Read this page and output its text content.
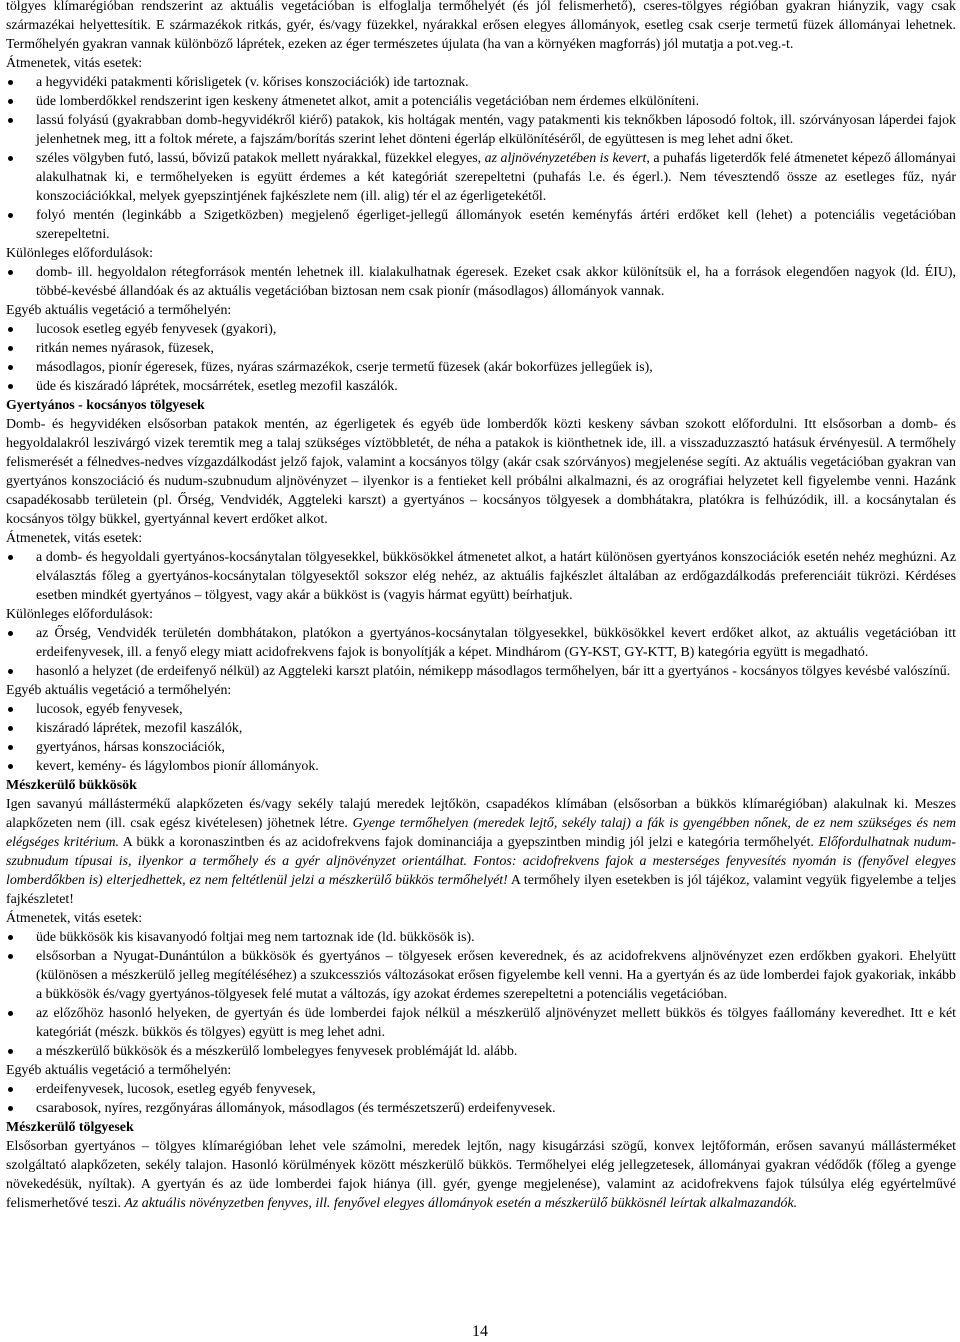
tölgyes klímarégióban rendszerint az aktuális vegetációban is elfoglalja termőhelyét (és jól felismerhető), cseres-tölgyes régióban gyakran hiányzik, vagy csak származékai helyettesítik. E származékok ritkás, gyér, és/vagy füzekkel, nyárakkal erősen elegyes állományok, esetleg csak cserje termetű füzek állományai lehetnek. Termőhelyén gyakran vannak különböző láprétek, ezeken az éger természetes újulata (ha van a környéken magforrás) jól mutatja a pot.veg.-t.

Átmenetek, vitás esetek:

a hegyvidéki patakmenti kőrisligetek (v. kőrises konszociációk) ide tartoznak.
üde lomberdőkkel rendszerint igen keskeny átmenetet alkot, amit a potenciális vegetációban nem érdemes elkülöníteni.
lassú folyású (gyakrabban domb-hegyvidékről kiérő) patakok, kis holtágak mentén, vagy patakmenti kis teknőkben láposodó foltok, ill. szórványosan láperdei fajok jelenhetnek meg, itt a foltok mérete, a fajszám/borítás szerint lehet dönteni égerláp elkülönítéséről, de együttesen is meg lehet adni őket.
széles völgyben futó, lassú, bővizű patakok mellett nyárakkal, füzekkel elegyes, az aljnövényzetében is kevert, a puhafás ligeterdők felé átmenetet képező állományai alakulhatnak ki, e termőhelyeken is együtt érdemes a két kategóriát szerepeltetni (puhafás l.e. és égerl.). Nem tévesztendő össze az esetleges fűz, nyár konszociációkkal, melyek gyepszintjének fajkészlete nem (ill. alig) tér el az égerligetekétől.
folyó mentén (leginkább a Szigetközben) megjelenő égerliget-jellegű állományok esetén keményfás ártéri erdőket kell (lehet) a potenciális vegetációban szerepeltetni.

Különleges előfordulások:

domb- ill. hegyoldalon rétegforrások mentén lehetnek ill. kialakulhatnak égeresek. Ezeket csak akkor különítsük el, ha a források elegendően nagyok (ld. ÉIU), többé-kevésbé állandóak és az aktuális vegetációban biztosan nem csak pionír (másodlagos) állományok vannak.

Egyéb aktuális vegetáció a termőhelyén:

lucosok esetleg egyéb fenyvesek (gyakori),
ritkán nemes nyárasok, füzesek,
másodlagos, pionír égeresek, füzes, nyáras származékok, cserje termetű füzesek (akár bokorfüzes jellegűek is),
üde és kiszáradó láprétek, mocsárrétek, esetleg mezofil kaszálók.

Gyertyános - kocsányos tölgyesek

Domb- és hegyvidéken elsősorban patakok mentén, az égerligetek és egyéb üde lomberdők közti keskeny sávban szokott előfordulni. Itt elsősorban a domb- és hegyoldalakról leszivárgó vizek teremtik meg a talaj szükséges víztöbbletét, de néha a patakok is kiönthetnek ide, ill. a visszaduzzasztó hatásuk érvényesül. A termőhely felismerését a félnedves-nedves vízgazdálkodást jelző fajok, valamint a kocsányos tölgy (akár csak szórványos) megjelenése segíti. Az aktuális vegetációban gyakran van gyertyános konszociáció és nudum-szubnudum aljnövényzet – ilyenkor is a fentieket kell próbálni alkalmazni, és az orográfiai helyzetet kell figyelembe venni. Hazánk csapadékosabb területein (pl. Őrség, Vendvidék, Aggteleki karszt) a gyertyános – kocsányos tölgyesek a dombhátakra, platókra is felhúzódik, ill. a kocsánytalan és kocsányos tölgy bükkel, gyertyánnal kevert erdőket alkot.

Átmenetek, vitás esetek:

a domb- és hegyoldali gyertyános-kocsánytalan tölgyesekkel, bükkösökkel átmenetet alkot, a határt különösen gyertyános konszociációk esetén nehéz meghúzni. Az elválasztás főleg a gyertyános-kocsánytalan tölgyesektől sokszor elég nehéz, az aktuális fajkészlet általában az erdőgazdálkodás preferenciáit tükrözi. Kérdéses esetben mindkét gyertyános – tölgyest, vagy akár a bükköst is (vagyis hármat együtt) beírhatjuk.

Különleges előfordulások:

az Őrség, Vendvidék területén dombhátakon, platókon a gyertyános-kocsánytalan tölgyesekkel, bükkösökkel kevert erdőket alkot, az aktuális vegetációban itt erdeifenyvesek, ill. a fenyő elegy miatt acidofrekvens fajok is bonyolítják a képet. Mindhárom (GY-KST, GY-KTT, B) kategória együtt is megadható.
hasonló a helyzet (de erdeifenyő nélkül) az Aggteleki karszt platóin, némikepp másodlagos termőhelyen, bár itt a gyertyános - kocsányos tölgyes kevésbé valószínű.

Egyéb aktuális vegetáció a termőhelyén:

lucosok, egyéb fenyvesek,
kiszáradó láprétek, mezofil kaszálók,
gyertyános, hársas konszociációk,
kevert, kemény- és lágylombos pionír állományok.

Mészkerülő bükkösök

Igen savanyú mállástermékű alapkőzeten és/vagy sekély talajú meredek lejtőkön, csapadékos klímában (elsősorban a bükkös klímarégióban) alakulnak ki. Meszes alapkőzeten nem (ill. csak egész kivételesen) jöhetnek létre. Gyenge termőhelyen (meredek lejtő, sekély talaj) a fák is gyengébben nőnek, de ez nem szükséges és nem elégséges kritérium. A bükk a koronaszintben és az acidofrekvens fajok dominanciája a gyepszintben mindig jól jelzi e kategória termőhelyét. Előfordulhatnak nudum-szubnudum típusai is, ilyenkor a termőhely és a gyér aljnövényzet orientálhat. Fontos: acidofrekvens fajok a mesterséges fenyvesítés nyomán is (fenyővel elegyes lomberdőkben is) elterjedhettek, ez nem feltétlenül jelzi a mészkerülő bükkös termőhelyét! A termőhely ilyen esetekben is jól tájékoz, valamint vegyük figyelembe a teljes fajkészletet!

Átmenetek, vitás esetek:

üde bükkösök kis kisavanyodó foltjai meg nem tartoznak ide (ld. bükkösök is).
elsősorban a Nyugat-Dunántúlon a bükkösök és gyertyános – tölgyesek erősen keverednek, és az acidofrekvens aljnövényzet ezen erdőkben gyakori. Ehelyütt (különösen a mészkerülő jelleg megítéléséhez) a szukcessziós változásokat erősen figyelembe kell venni. Ha a gyertyán és az üde lomberdei fajok gyakoriak, inkább a bükkösök és/vagy gyertyános-tölgyesek felé mutat a változás, így azokat érdemes szerepeltetni a potenciális vegetációban.
az előzőhöz hasonló helyeken, de gyertyán és üde lomberdei fajok nélkül a mészkerülő aljnövényzet mellett bükkös és tölgyes faállomány keveredhet. Itt e két kategóriát (mészk. bükkös és tölgyes) együtt is meg lehet adni.
a mészkerülő bükkösök és a mészkerülő lombelegyes fenyvesek problémáját ld. alább.

Egyéb aktuális vegetáció a termőhelyén:

erdeifenyvesek, lucosok, esetleg egyéb fenyvesek,
csarabosok, nyíres, rezgőnyáras állományok, másodlagos (és természetszerű) erdeifenyvesek.

Mészkerülő tölgyesek

Elsősorban gyertyános – tölgyes klímarégióban lehet vele számolni, meredek lejtőn, nagy kisugárzási szögű, konvex lejtőformán, erősen savanyú mállásterméket szolgáltató alapkőzeten, sekély talajon. Hasonló körülmények között mészkerülő bükkös. Termőhelyei elég jellegzetesek, állományai gyakran védődők (főleg a gyenge növekedésük, nyíltak). A gyertyán és az üde lomberdei fajok hiánya (ill. gyér, gyenge megjelenése), valamint az acidofrekvens fajok túlsúlya elég egyértelművé felismerhetővé teszi. Az aktuális növényzetben fenyves, ill. fenyővel elegyes állományok esetén a mészkerülő bükkösnél leírtak alkalmazandók.

14
